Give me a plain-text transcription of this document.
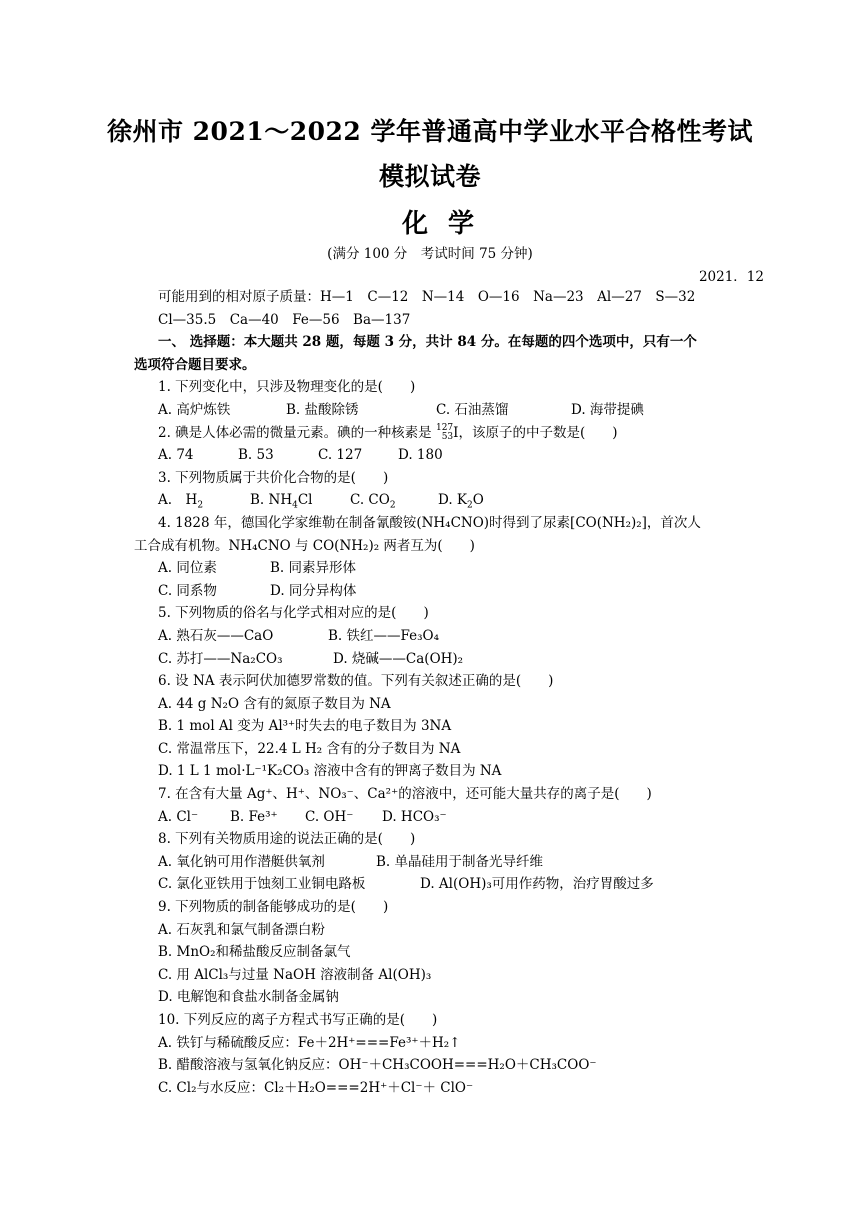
徐州市 2021～2022 学年普通高中学业水平合格性考试
模拟试卷
化学
(满分 100 分　考试时间 75 分钟)
2021．12
可能用到的相对原子质量：H—1　C—12　N—14　O—16　Na—23　Al—27　S—32
Cl—35.5　Ca—40　Fe—56　Ba—137
一、 选择题：本大题共 28 题，每题 3 分，共计 84 分。在每题的四个选项中，只有一个
选项符合题目要求。
1. 下列变化中，只涉及物理变化的是(　　)
A. 高炉炼铁	B. 盐酸除锈	C. 石油蒸馏	D. 海带提碘
2. 碘是人体必需的微量元素。碘的一种核素是 127
53 I，该原子的中子数是(　　)
A. 74	B. 53	C. 127	D. 180
3. 下列物质属于共价化合物的是(　　)
A.　$H_2$	B. $NH_4Cl$	C. $CO_2$	D. $K_2O$
4. 1828 年，德国化学家维勒在制备氰酸铵(NH₄CNO)时得到了尿素[CO(NH₂)₂]，首次人
工合成有机物。NH₄CNO 与 CO(NH₂)₂ 两者互为(　　)
A. 同位素	B. 同素异形体
C. 同系物	D. 同分异构体
5. 下列物质的俗名与化学式相对应的是(　　)
A. 熟石灰——CaO	B. 铁红——Fe₃O₄
C. 苏打——Na₂CO₃	D. 烧碱——Ca(OH)₂
6. 设 NA 表示阿伏加德罗常数的值。下列有关叙述正确的是(　　)
A. 44 g N₂O 含有的氮原子数目为 NA
B. 1 mol Al 变为 Al³⁺时失去的电子数目为 3NA
C. 常温常压下，22.4 L H₂ 含有的分子数目为 NA
D. 1 L 1 mol·L⁻¹K₂CO₃ 溶液中含有的钾离子数目为 NA
7. 在含有大量 Ag⁺、H⁺、NO₃⁻、Ca²⁺的溶液中，还可能大量共存的离子是(　　)
A. Cl⁻ B. Fe³⁺ C. OH⁻ D. HCO₃⁻
8. 下列有关物质用途的说法正确的是(　　)
A. 氧化钠可用作潜艇供氧剂	B. 单晶硅用于制备光导纤维
C. 氯化亚铁用于蚀刻工业铜电路板	D. Al(OH)₃可用作药物，治疗胃酸过多
9. 下列物质的制备能够成功的是(　　)
A. 石灰乳和氯气制备漂白粉
B. MnO₂和稀盐酸反应制备氯气
C. 用 AlCl₃与过量 NaOH 溶液制备 Al(OH)₃
D. 电解饱和食盐水制备金属钠
10. 下列反应的离子方程式书写正确的是(　　)
A. 铁钉与稀硫酸反应：Fe＋2H⁺===Fe³⁺＋H₂↑
B. 醋酸溶液与氢氧化钠反应：OH⁻＋CH₃COOH===H₂O＋CH₃COO⁻
C. Cl₂与水反应：Cl₂＋H₂O===2H⁺＋Cl⁻＋ ClO⁻
